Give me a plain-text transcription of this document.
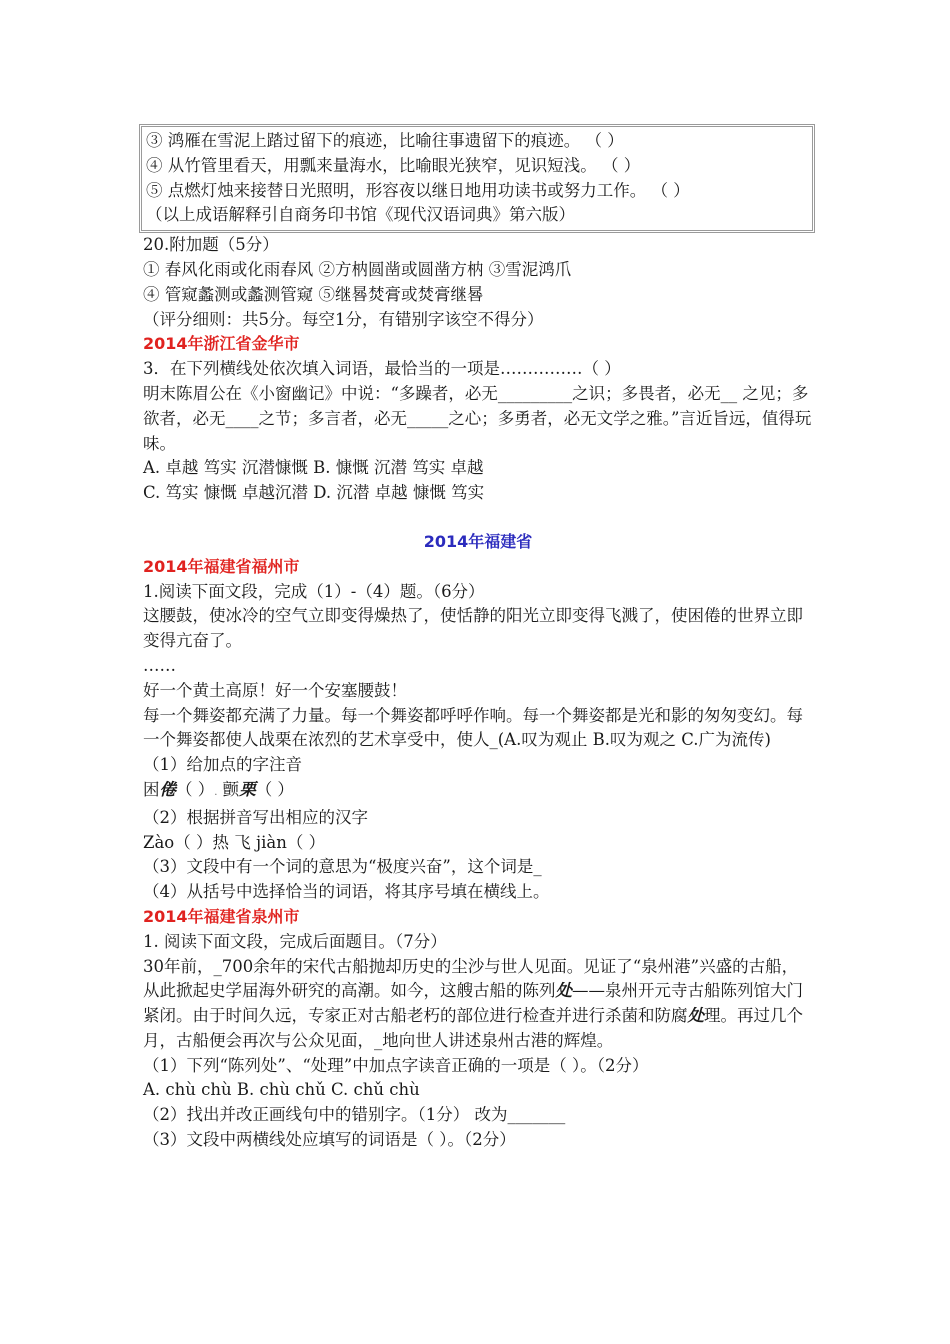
③ 鸿雁在雪泥上踏过留下的痕迹，比喻往事遗留下的痕迹。 （ ）
④ 从竹管里看天，用瓢来量海水，比喻眼光狭窄，见识短浅。 （ ）
⑤ 点燃灯烛来接替日光照明，形容夜以继日地用功读书或努力工作。 （ ）
（以上成语解释引自商务印书馆《现代汉语词典》第六版）
20.附加题（5分）
① 春风化雨或化雨春风 ②方枘圆凿或圆凿方枘 ③雪泥鸿爪
④ 管窥蠡测或蠡测管窥 ⑤继晷焚膏或焚膏继晷
（评分细则：共5分。每空1分，有错别字该空不得分）
2014年浙江省金华市
3．在下列横线处依次填入词语，最恰当的一项是……………（ ）
明末陈眉公在《小窗幽记》中说：“多躁者，必无_________之识；多畏者，必无__ 之见；多欲者，必无____之节；多言者，必无_____之心；多勇者，必无文学之雅。”言近旨远，值得玩味。
A. 卓越 笃实 沉潜慷慨 B. 慷慨 沉潜 笃实 卓越
C. 笃实 慷慨 卓越沉潜 D. 沉潜 卓越 慷慨 笃实
2014年福建省
2014年福建省福州市
1.阅读下面文段，完成（1）-（4）题。（6分）
这腰鼓，使冰冷的空气立即变得燥热了，使恬静的阳光立即变得飞溅了，使困倦的世界立即变得亢奋了。
……
好一个黄土高原！好一个安塞腰鼓！
每一个舞姿都充满了力量。每一个舞姿都呼呼作响。每一个舞姿都是光和影的匆匆变幻。每一个舞姿都使人战栗在浓烈的艺术享受中，使人_(A.叹为观止 B.叹为观之 C.广为流传)
（1）给加点的字注音
困倦（ ）. 颤栗（ ）
（2）根据拼音写出相应的汉字
Zào（ ）热 飞 jiàn（ ）
（3）文段中有一个词的意思为“极度兴奋”，这个词是_
（4）从括号中选择恰当的词语，将其序号填在横线上。
2014年福建省泉州市
1. 阅读下面文段，完成后面题目。（7分）
30年前，_700余年的宋代古船抛却历史的尘沙与世人见面。见证了“泉州港”兴盛的古船，从此掀起史学届海外研究的高潮。如今，这艘古船的陈列处——泉州开元寺古船陈列馆大门紧闭。由于时间久远，专家正对古船老朽的部位进行检查并进行杀菌和防腐处理。再过几个月，古船便会再次与公众见面，_地向世人讲述泉州古港的辉煌。
（1）下列“陈列处”、“处理”中加点字读音正确的一项是（ ）。（2分）
A. chù chù B. chù chǔ C. chǔ chù
（2）找出并改正画线句中的错别字。（1分） 改为_______
（3）文段中两横线处应填写的词语是（ ）。（2分）
